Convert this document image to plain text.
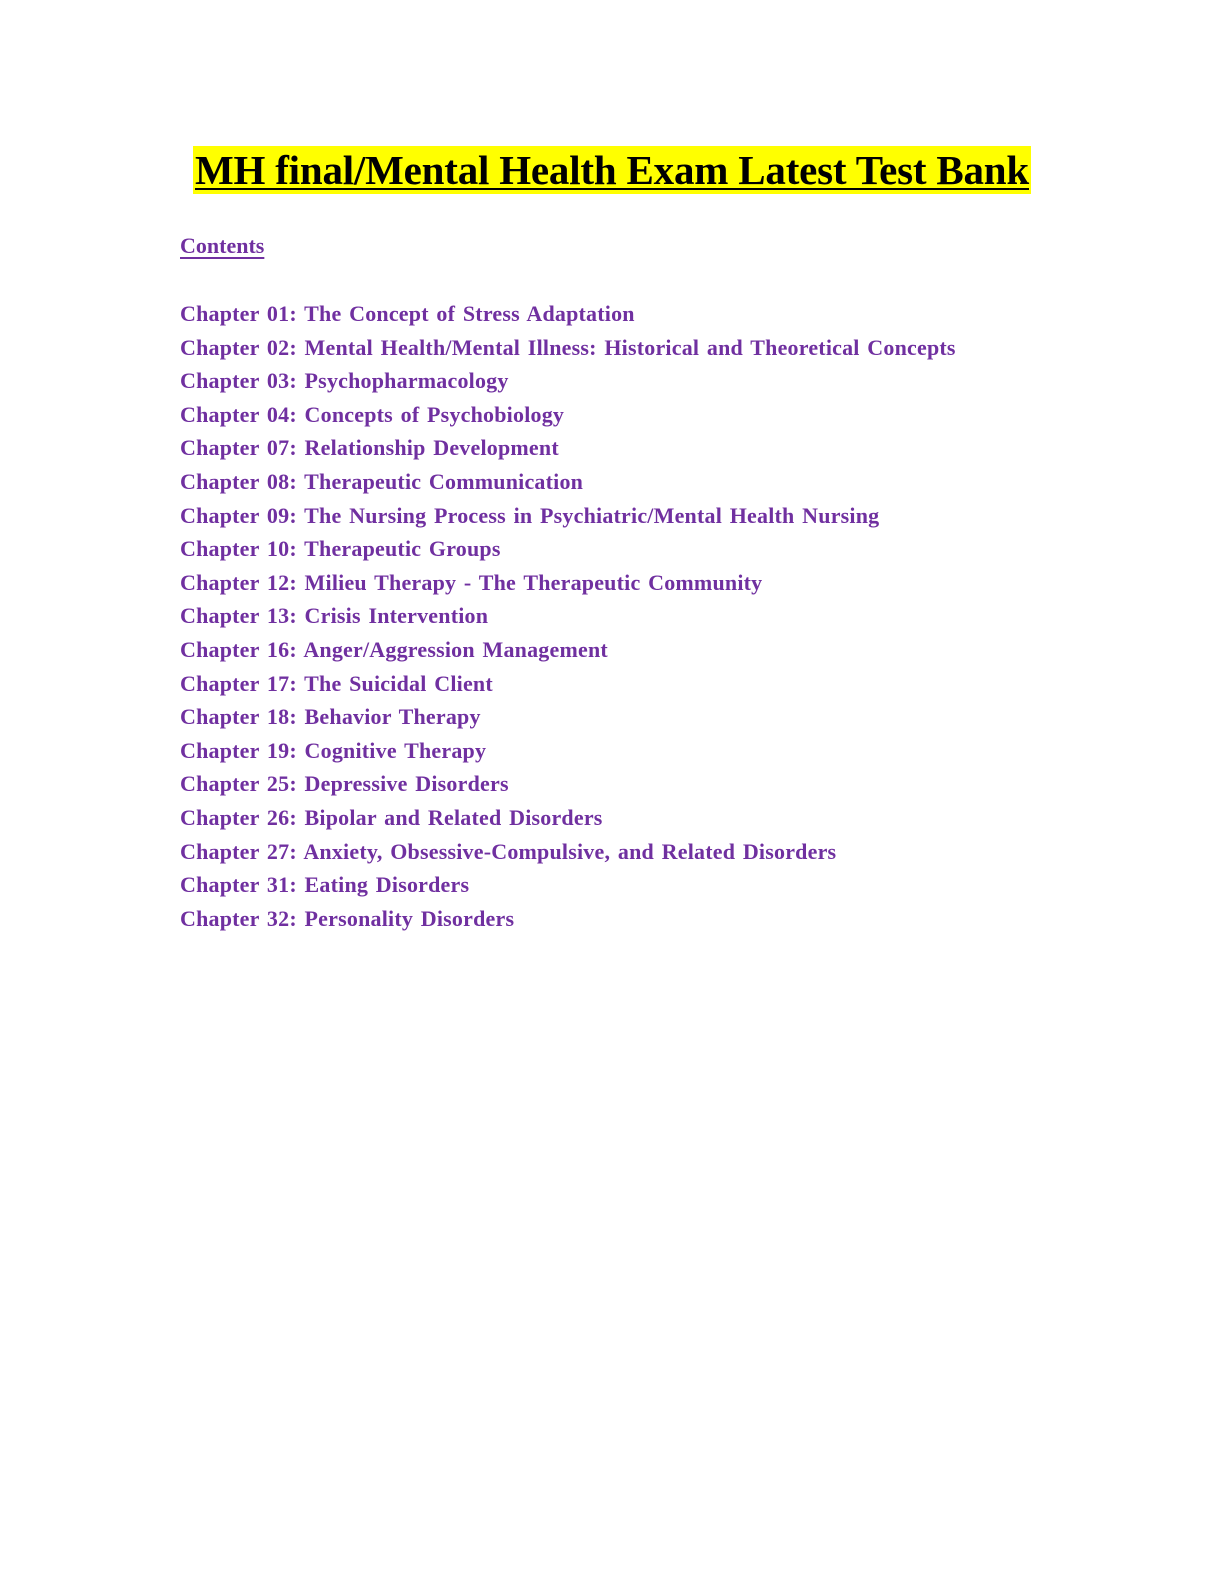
MH final/Mental Health Exam Latest Test Bank
Contents
Chapter 01: The Concept of Stress Adaptation
Chapter 02: Mental Health/Mental Illness: Historical and Theoretical Concepts
Chapter 03: Psychopharmacology
Chapter 04: Concepts of Psychobiology
Chapter 07: Relationship Development
Chapter 08: Therapeutic Communication
Chapter 09: The Nursing Process in Psychiatric/Mental Health Nursing
Chapter 10: Therapeutic Groups
Chapter 12: Milieu Therapy - The Therapeutic Community
Chapter 13: Crisis Intervention
Chapter 16: Anger/Aggression Management
Chapter 17: The Suicidal Client
Chapter 18: Behavior Therapy
Chapter 19: Cognitive Therapy
Chapter 25: Depressive Disorders
Chapter 26: Bipolar and Related Disorders
Chapter 27: Anxiety, Obsessive-Compulsive, and Related Disorders
Chapter 31: Eating Disorders
Chapter 32: Personality Disorders
